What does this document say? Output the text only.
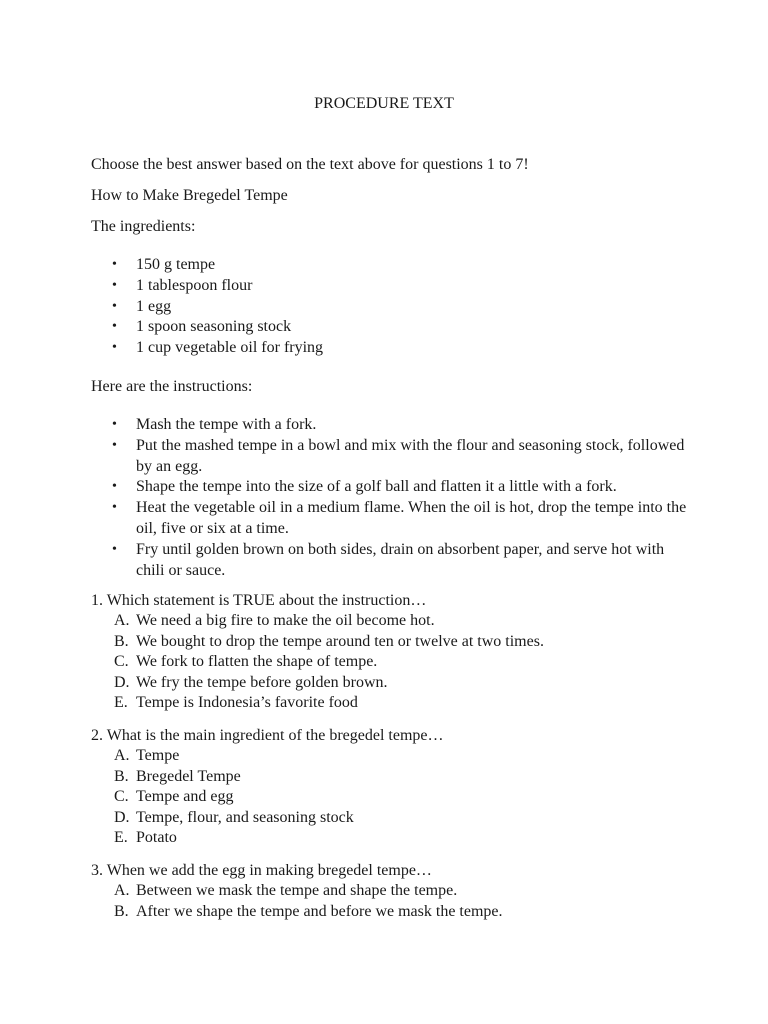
PROCEDURE TEXT
Choose the best answer based on the text above for questions 1 to 7!
How to Make Bregedel Tempe
The ingredients:
• 150 g tempe
• 1 tablespoon flour
• 1 egg
• 1 spoon seasoning stock
• 1 cup vegetable oil for frying
Here are the instructions:
• Mash the tempe with a fork.
• Put the mashed tempe in a bowl and mix with the flour and seasoning stock, followed by an egg.
• Shape the tempe into the size of a golf ball and flatten it a little with a fork.
• Heat the vegetable oil in a medium flame. When the oil is hot, drop the tempe into the oil, five or six at a time.
• Fry until golden brown on both sides, drain on absorbent paper, and serve hot with chili or sauce.
1. Which statement is TRUE about the instruction…
A. We need a big fire to make the oil become hot.
B. We bought to drop the tempe around ten or twelve at two times.
C. We fork to flatten the shape of tempe.
D. We fry the tempe before golden brown.
E. Tempe is Indonesia’s favorite food
2. What is the main ingredient of the bregedel tempe…
A. Tempe
B. Bregedel Tempe
C. Tempe and egg
D. Tempe, flour, and seasoning stock
E. Potato
3. When we add the egg in making bregedel tempe…
A. Between we mask the tempe and shape the tempe.
B. After we shape the tempe and before we mask the tempe.
